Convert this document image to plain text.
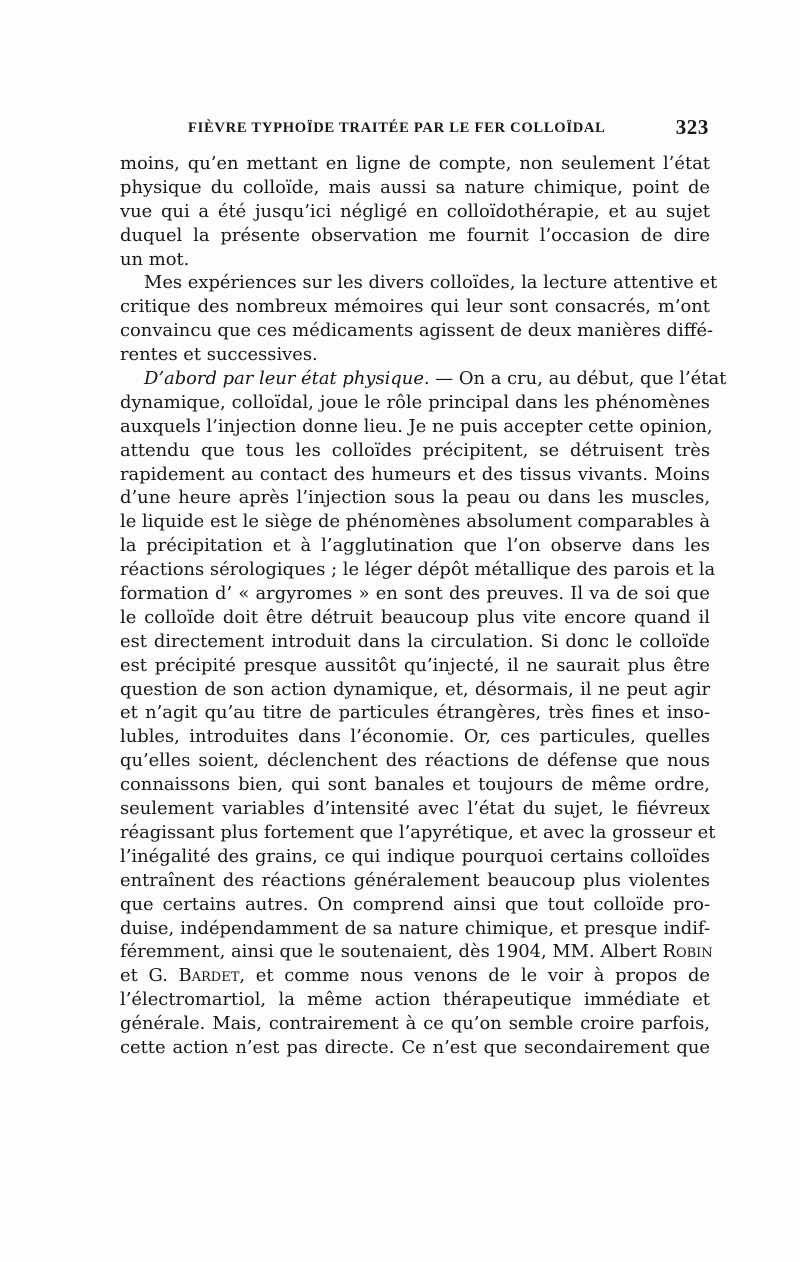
FIÈVRE TYPHOÏDE TRAITÉE PAR LE FER COLLOÏDAL	323
moins, qu’en mettant en ligne de compte, non seulement l’état
physique du colloïde, mais aussi sa nature chimique, point de
vue qui a été jusqu’ici négligé en colloïdothérapie, et au sujet
duquel la présente observation me fournit l’occasion de dire
un mot.
Mes expériences sur les divers colloïdes, la lecture attentive et
critique des nombreux mémoires qui leur sont consacrés, m’ont
convaincu que ces médicaments agissent de deux manières diffé-
rentes et successives.
D’abord par leur état physique. — On a cru, au début, que l’état
dynamique, colloïdal, joue le rôle principal dans les phénomènes
auxquels l’injection donne lieu. Je ne puis accepter cette opinion,
attendu que tous les colloïdes précipitent, se détruisent très
rapidement au contact des humeurs et des tissus vivants. Moins
d’une heure après l’injection sous la peau ou dans les muscles,
le liquide est le siège de phénomènes absolument comparables à
la précipitation et à l’agglutination que l’on observe dans les
réactions sérologiques ; le léger dépôt métallique des parois et la
formation d’ « argyromes » en sont des preuves. Il va de soi que
le colloïde doit être détruit beaucoup plus vite encore quand il
est directement introduit dans la circulation. Si donc le colloïde
est précipité presque aussitôt qu’injecté, il ne saurait plus être
question de son action dynamique, et, désormais, il ne peut agir
et n’agit qu’au titre de particules étrangères, très fines et inso-
lubles, introduites dans l’économie. Or, ces particules, quelles
qu’elles soient, déclenchent des réactions de défense que nous
connaissons bien, qui sont banales et toujours de même ordre,
seulement variables d’intensité avec l’état du sujet, le fiévreux
réagissant plus fortement que l’apyrétique, et avec la grosseur et
l’inégalité des grains, ce qui indique pourquoi certains colloïdes
entraînent des réactions généralement beaucoup plus violentes
que certains autres. On comprend ainsi que tout colloïde pro-
duise, indépendamment de sa nature chimique, et presque indif-
féremment, ainsi que le soutenaient, dès 1904, MM. Albert Robin
et G. Bardet, et comme nous venons de le voir à propos de
l’électromartiol, la même action thérapeutique immédiate et
générale. Mais, contrairement à ce qu’on semble croire parfois,
cette action n’est pas directe. Ce n’est que secondairement que
